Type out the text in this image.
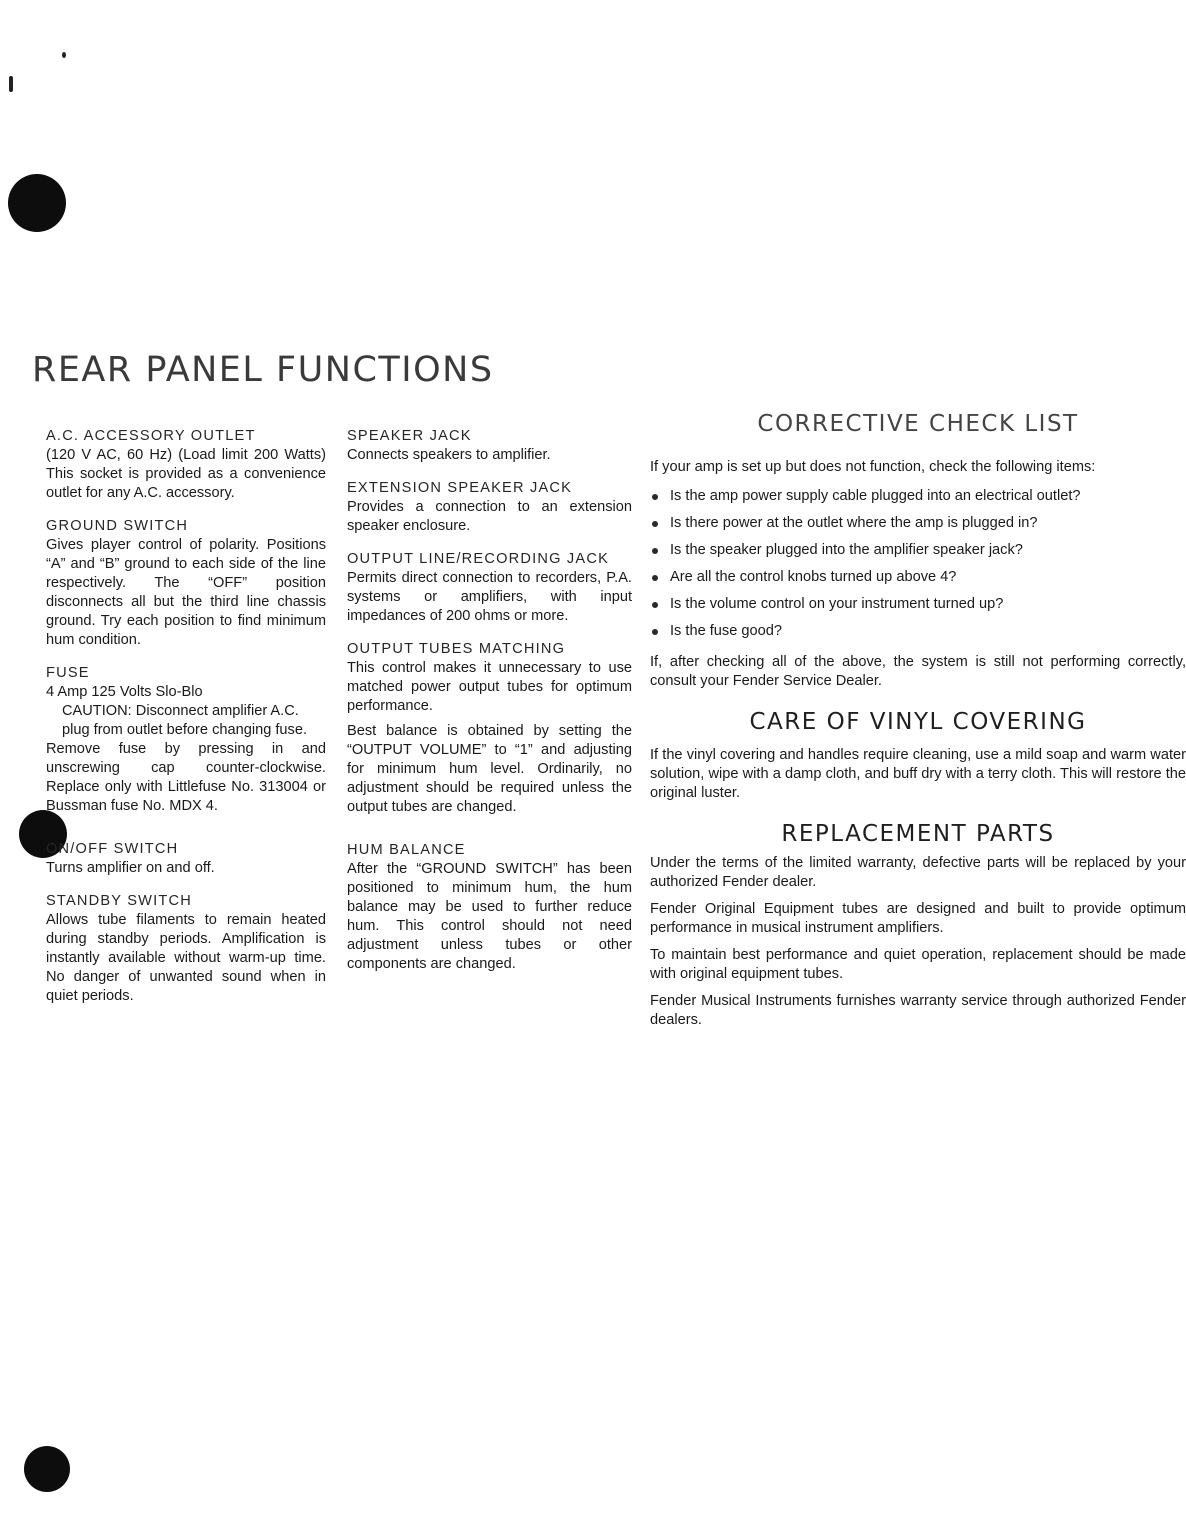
REAR PANEL FUNCTIONS
A.C. ACCESSORY OUTLET

(120 V AC, 60 Hz) (Load limit 200 Watts) This socket is provided as a convenience outlet for any A.C. accessory.

GROUND SWITCH

Gives player control of polarity. Positions “A” and “B” ground to each side of the line respectively. The “OFF” position disconnects all but the third line chassis ground. Try each position to find minimum hum condition.

FUSE

4 Amp 125 Volts Slo-Blo

CAUTION: Disconnect amplifier A.C. plug from outlet before changing fuse.

Remove fuse by pressing in and unscrewing cap counter-clockwise. Replace only with Littlefuse No. 313004 or Bussman fuse No. MDX 4.

ON/OFF SWITCH

Turns amplifier on and off.

STANDBY SWITCH

Allows tube filaments to remain heated during standby periods. Amplification is instantly available without warm-up time. No danger of unwanted sound when in quiet periods.

SPEAKER JACK

Connects speakers to amplifier.

EXTENSION SPEAKER JACK

Provides a connection to an extension speaker enclosure.

OUTPUT LINE/RECORDING JACK

Permits direct connection to recorders, P.A. systems or amplifiers, with input impedances of 200 ohms or more.

OUTPUT TUBES MATCHING

This control makes it unnecessary to use matched power output tubes for optimum performance.

Best balance is obtained by setting the “OUTPUT VOLUME” to “1” and adjusting for minimum hum level. Ordinarily, no adjustment should be required unless the output tubes are changed.

HUM BALANCE

After the “GROUND SWITCH” has been positioned to minimum hum, the hum balance may be used to further reduce hum. This control should not need adjustment unless tubes or other components are changed.

CORRECTIVE CHECK LIST

If your amp is set up but does not function, check the following items:

Is the amp power supply cable plugged into an electrical outlet?
Is there power at the outlet where the amp is plugged in?
Is the speaker plugged into the amplifier speaker jack?
Are all the control knobs turned up above 4?
Is the volume control on your instrument turned up?
Is the fuse good?

If, after checking all of the above, the system is still not performing correctly, consult your Fender Service Dealer.

CARE OF VINYL COVERING

If the vinyl covering and handles require cleaning, use a mild soap and warm water solution, wipe with a damp cloth, and buff dry with a terry cloth. This will restore the original luster.

REPLACEMENT PARTS

Under the terms of the limited warranty, defective parts will be replaced by your authorized Fender dealer.

Fender Original Equipment tubes are designed and built to provide optimum performance in musical instrument amplifiers.

To maintain best performance and quiet operation, replacement should be made with original equipment tubes.

Fender Musical Instruments furnishes warranty service through authorized Fender dealers.
